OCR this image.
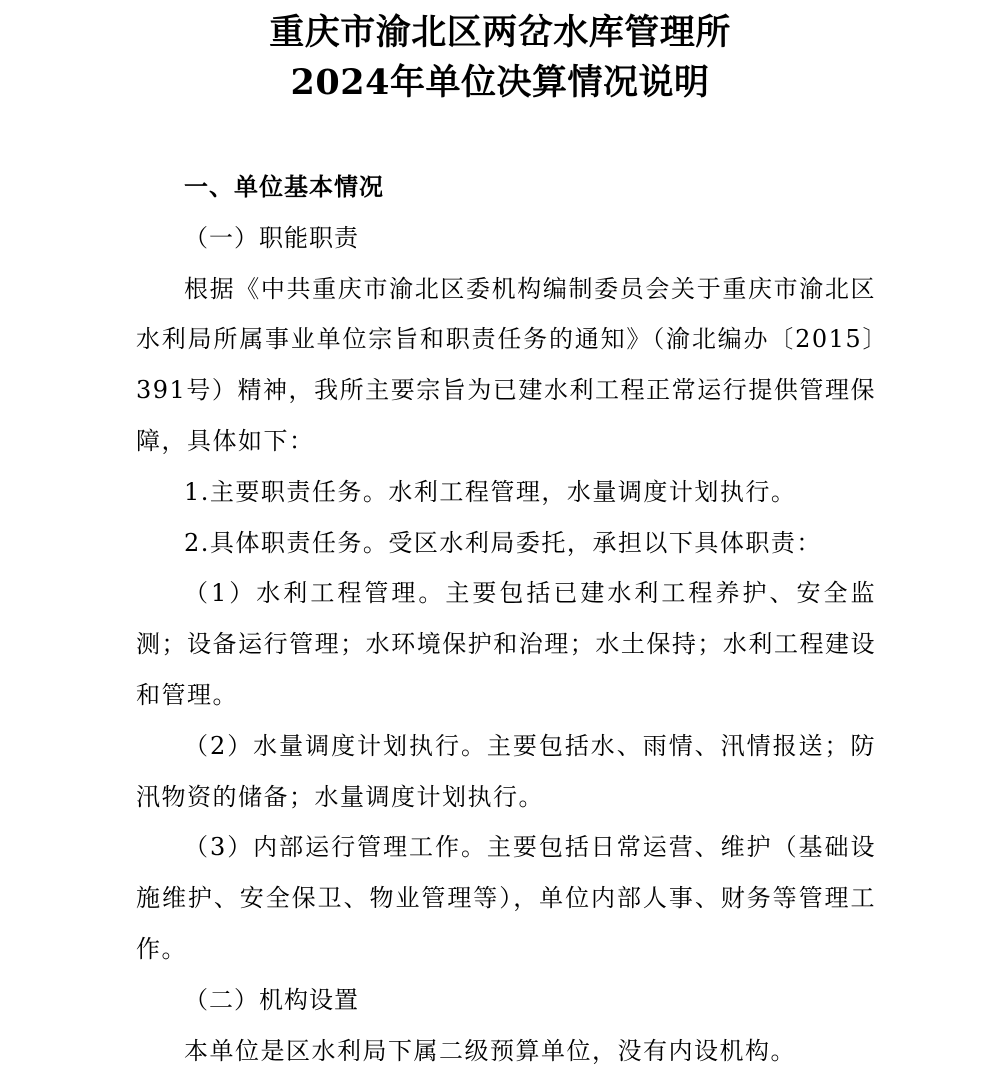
重庆市渝北区两岔水库管理所
2024年单位决算情况说明

一、单位基本情况

（一）职能职责

根据《中共重庆市渝北区委机构编制委员会关于重庆市渝北区水利局所属事业单位宗旨和职责任务的通知》（渝北编办〔2015〕391号）精神，我所主要宗旨为已建水利工程正常运行提供管理保障，具体如下：

1.主要职责任务。水利工程管理，水量调度计划执行。

2.具体职责任务。受区水利局委托，承担以下具体职责：

（1）水利工程管理。主要包括已建水利工程养护、安全监测；设备运行管理；水环境保护和治理；水土保持；水利工程建设和管理。

（2）水量调度计划执行。主要包括水、雨情、汛情报送；防汛物资的储备；水量调度计划执行。

（3）内部运行管理工作。主要包括日常运营、维护（基础设施维护、安全保卫、物业管理等），单位内部人事、财务等管理工作。

（二）机构设置

本单位是区水利局下属二级预算单位，没有内设机构。
